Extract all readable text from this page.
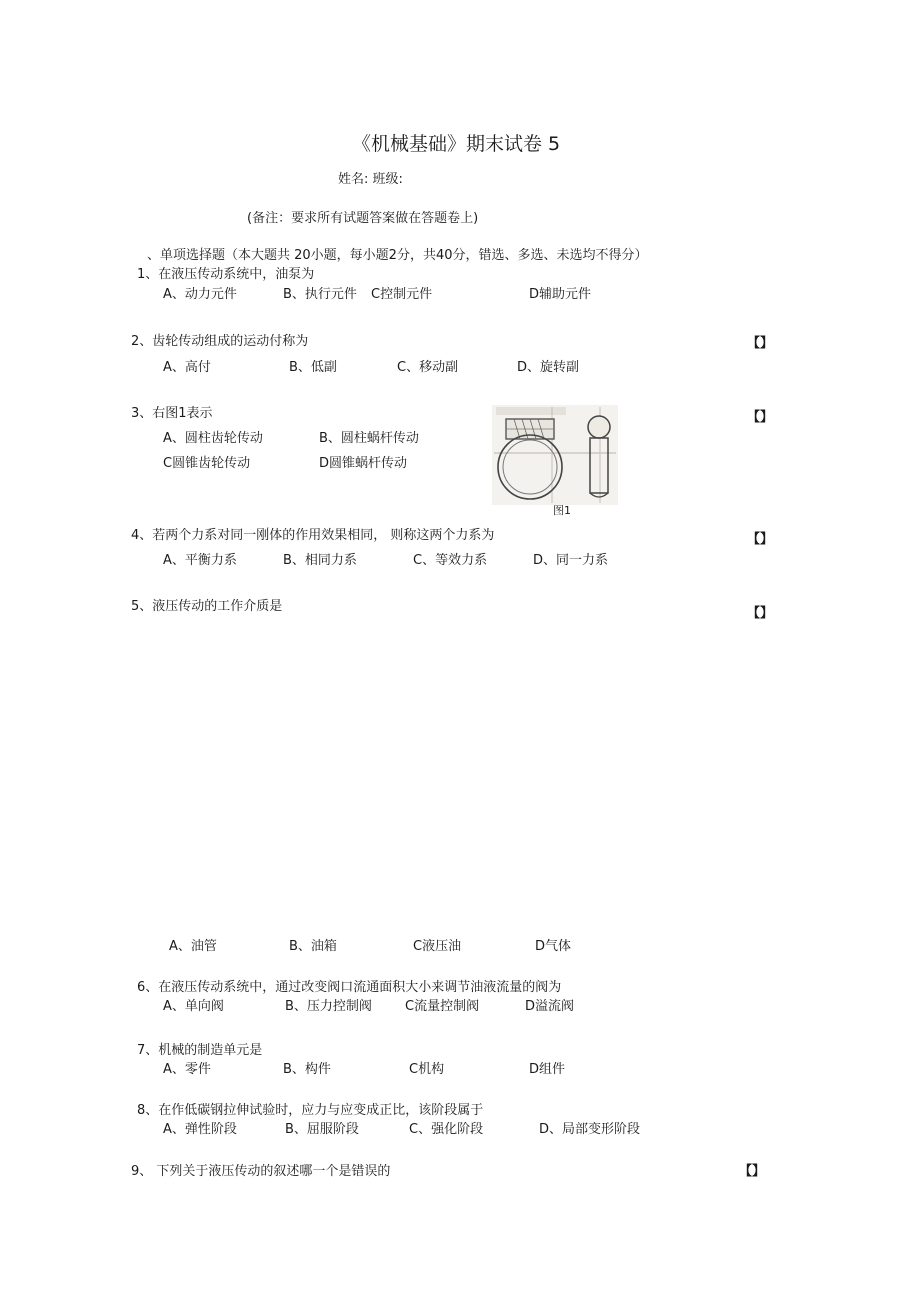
《机械基础》期末试卷 5
姓名: 班级:
(备注：要求所有试题答案做在答题卷上)
、单项选择题（本大题共 20小题，每小题2分，共40分，错选、多选、未选均不得分）
1、在液压传动系统中，油泵为
A、动力元件	B、执行元件 C控制元件	D辅助元件
2、齿轮传动组成的运动付称为	【】
A、高付	B、低副	C、移动副	D、旋转副
3、右图1表示	【】
A、圆柱齿轮传动	B、圆柱蜗杆传动
C圆锥齿轮传动	D圆锥蜗杆传动
图1
4、若两个力系对同一刚体的作用效果相同， 则称这两个力系为	【】
A、平衡力系	B、相同力系	C、等效力系	D、同一力系
5、液压传动的工作介质是	【】
A、油管	B、油箱	C液压油	D气体
6、在液压传动系统中，通过改变阀口流通面积大小来调节油液流量的阀为
A、单向阀	B、压力控制阀	C流量控制阀	D溢流阀
7、机械的制造单元是
A、零件	B、构件	C机构	D组件
8、在作低碳钢拉伸试验时，应力与应变成正比，该阶段属于
A、弹性阶段	B、屈服阶段	C、强化阶段	D、局部变形阶段
9、 下列关于液压传动的叙述哪一个是错误的	【】
